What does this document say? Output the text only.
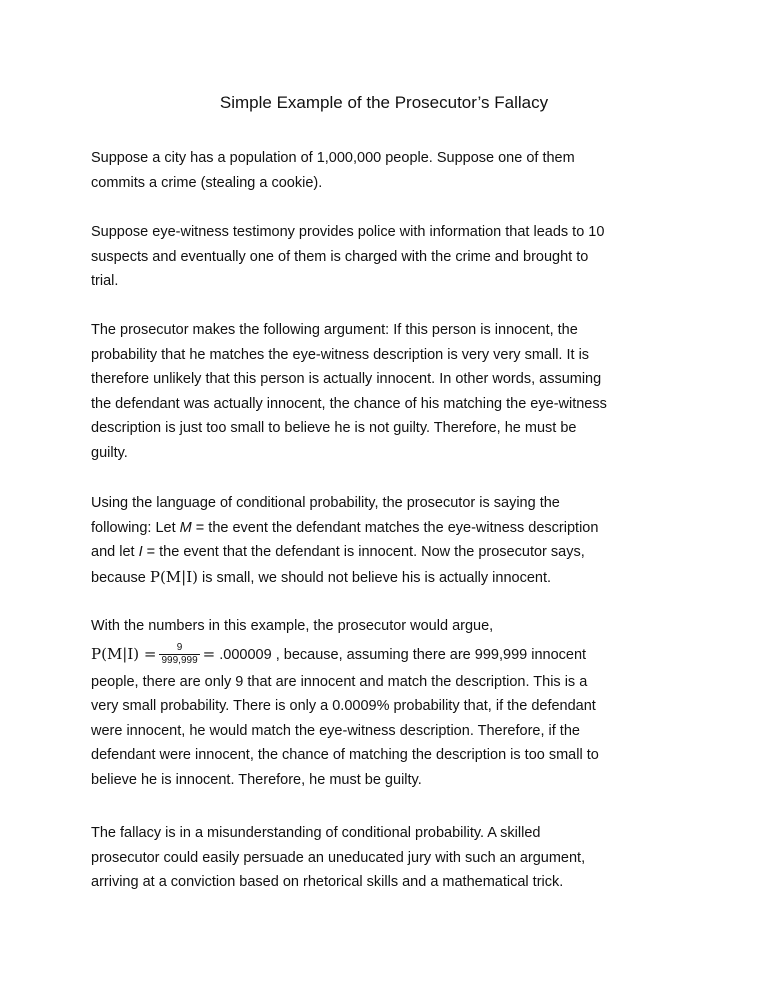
Simple Example of the Prosecutor’s Fallacy

Suppose a city has a population of 1,000,000 people. Suppose one of them
commits a crime (stealing a cookie).

Suppose eye-witness testimony provides police with information that leads to 10
suspects and eventually one of them is charged with the crime and brought to
trial.

The prosecutor makes the following argument: If this person is innocent, the
probability that he matches the eye-witness description is very very small. It is
therefore unlikely that this person is actually innocent. In other words, assuming
the defendant was actually innocent, the chance of his matching the eye-witness
description is just too small to believe he is not guilty. Therefore, he must be
guilty.

Using the language of conditional probability, the prosecutor is saying the
following: Let M = the event the defendant matches the eye-witness description
and let I = the event that the defendant is innocent. Now the prosecutor says,
because P(M|I) is small, we should not believe his is actually innocent.

With the numbers in this example, the prosecutor would argue,
$P(M|I) = \frac{9}{999,999} = .000009$ , because, assuming there are 999,999 innocent
people, there are only 9 that are innocent and match the description. This is a
very small probability. There is only a 0.0009% probability that, if the defendant
were innocent, he would match the eye-witness description. Therefore, if the
defendant were innocent, the chance of matching the description is too small to
believe he is innocent. Therefore, he must be guilty.

The fallacy is in a misunderstanding of conditional probability. A skilled
prosecutor could easily persuade an uneducated jury with such an argument,
arriving at a conviction based on rhetorical skills and a mathematical trick.
